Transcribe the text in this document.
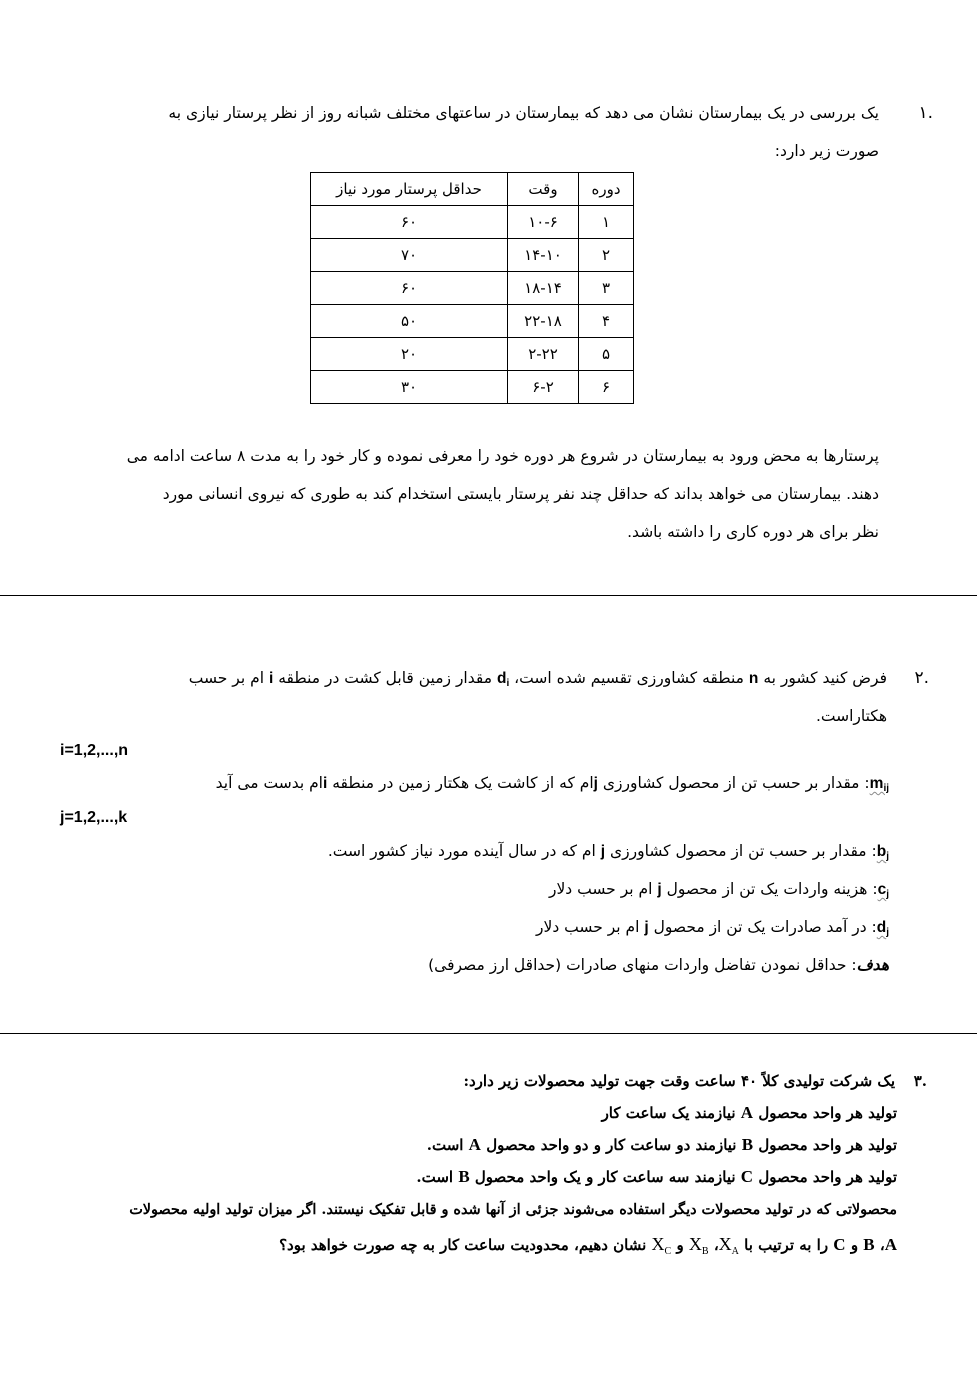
۱.
یک بررسی در یک بیمارستان نشان می دهد که بیمارستان در ساعتهای مختلف شبانه روز از نظر پرستار نیازی به
صورت زیر دارد:
دوره	وقت	حداقل پرستار مورد نیاز
۱	۱۰-۶	۶۰
۲	۱۴-۱۰	۷۰
۳	۱۸-۱۴	۶۰
۴	۲۲-۱۸	۵۰
۵	۲-۲۲	۲۰
۶	۶-۲	۳۰
پرستارها به محض ورود به بیمارستان در شروع هر دوره خود را معرفی نموده و کار خود را به مدت ۸ ساعت ادامه می
دهند. بیمارستان می خواهد بداند که حداقل چند نفر پرستار بایستی استخدام کند به طوری که نیروی انسانی مورد
نظر برای هر دوره کاری را داشته باشد.
۲.
فرض کنید کشور به n منطقه کشاورزی تقسیم شده است، $d_i$ مقدار زمین قابل کشت در منطقه i ام بر حسب
هکتاراست.
i=1,2,...,n
$m_{ij}$: مقدار بر حسب تن از محصول کشاورزی jام که از کاشت یک هکتار زمین در منطقه iام بدست می آید
j=1,2,...,k
$b_j$: مقدار بر حسب تن از محصول کشاورزی j ام که در سال آینده مورد نیاز کشور است.
$c_j$: هزینه واردات یک تن از محصول j ام بر حسب دلار
$d_j$: در آمد صادرات یک تن از محصول j ام بر حسب دلار
هدف: حداقل نمودن تفاضل واردات منهای صادرات (حداقل ارز مصرفی)
۳.
یک شرکت تولیدی کلاً ۴۰ ساعت وقت جهت تولید محصولات زیر دارد:
تولید هر واحد محصول A نیازمند یک ساعت کار
تولید هر واحد محصول B نیازمند دو ساعت کار و دو واحد محصول A است.
تولید هر واحد محصول C نیازمند سه ساعت کار و یک واحد محصول B است.
محصولاتی که در تولید محصولات دیگر استفاده می‌شوند جزئی از آنها شده و قابل تفکیک نیستند. اگر میزان تولید اولیه محصولات
A، B و C را به ترتیب با $X_A،$ $X_B$ و $X_C$ نشان دهیم، محدودیت ساعت کار به چه صورت خواهد بود؟
